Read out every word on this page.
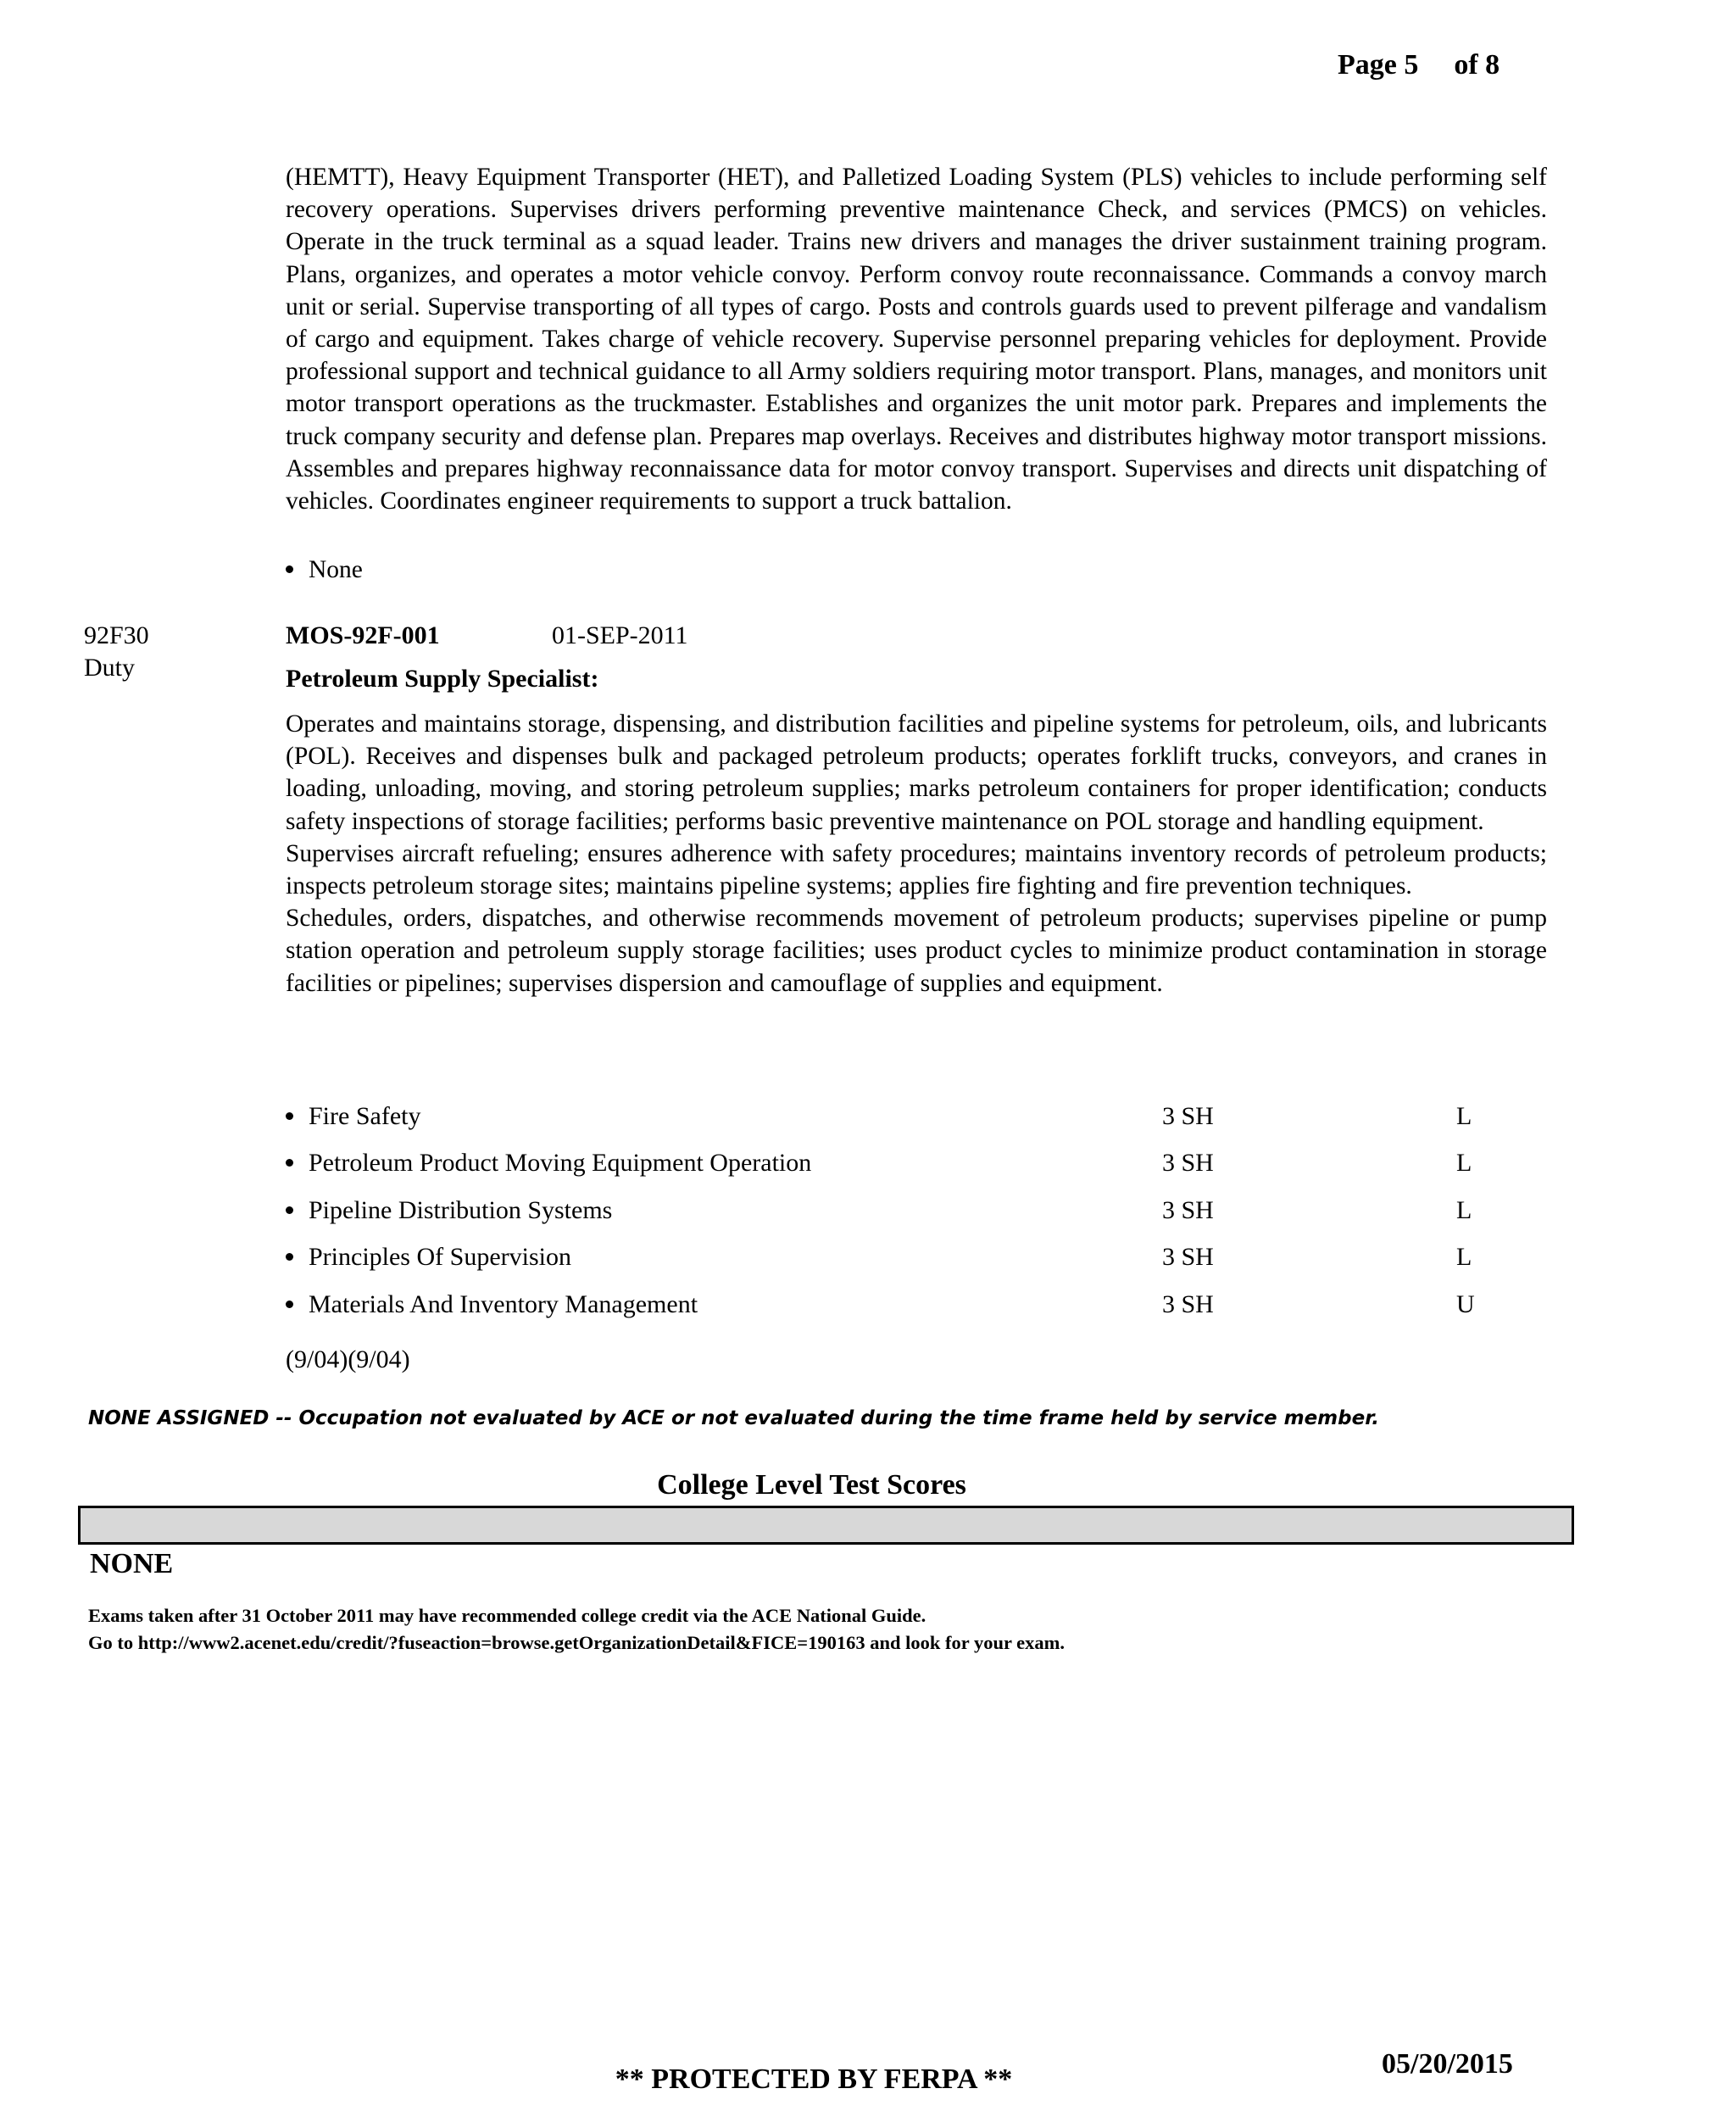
Page 5 of 8

(HEMTT), Heavy Equipment Transporter (HET), and Palletized Loading System (PLS) vehicles to include performing self recovery operations. Supervises drivers performing preventive maintenance Check, and services (PMCS) on vehicles. Operate in the truck terminal as a squad leader. Trains new drivers and manages the driver sustainment training program. Plans, organizes, and operates a motor vehicle convoy. Perform convoy route reconnaissance. Commands a convoy march unit or serial. Supervise transporting of all types of cargo. Posts and controls guards used to prevent pilferage and vandalism of cargo and equipment. Takes charge of vehicle recovery. Supervise personnel preparing vehicles for deployment. Provide professional support and technical guidance to all Army soldiers requiring motor transport. Plans, manages, and monitors unit motor transport operations as the truckmaster. Establishes and organizes the unit motor park. Prepares and implements the truck company security and defense plan. Prepares map overlays. Receives and distributes highway motor transport missions. Assembles and prepares highway reconnaissance data for motor convoy transport. Supervises and directs unit dispatching of vehicles. Coordinates engineer requirements to support a truck battalion.

None
92F30
Duty
MOS-92F-001	01-SEP-2011
Petroleum Supply Specialist:

Operates and maintains storage, dispensing, and distribution facilities and pipeline systems for petroleum, oils, and lubricants (POL). Receives and dispenses bulk and packaged petroleum products; operates forklift trucks, conveyors, and cranes in loading, unloading, moving, and storing petroleum supplies; marks petroleum containers for proper identification; conducts safety inspections of storage facilities; performs basic preventive maintenance on POL storage and handling equipment.

Supervises aircraft refueling; ensures adherence with safety procedures; maintains inventory records of petroleum products; inspects petroleum storage sites; maintains pipeline systems; applies fire fighting and fire prevention techniques.

Schedules, orders, dispatches, and otherwise recommends movement of petroleum products; supervises pipeline or pump station operation and petroleum supply storage facilities; uses product cycles to minimize product contamination in storage facilities or pipelines; supervises dispersion and camouflage of supplies and equipment.

Fire Safety	3 SH	L
Petroleum Product Moving Equipment Operation	3 SH	L
Pipeline Distribution Systems	3 SH	L
Principles Of Supervision	3 SH	L
Materials And Inventory Management	3 SH	U
(9/04)(9/04)
NONE ASSIGNED -- Occupation not evaluated by ACE or not evaluated during the time frame held by service member.
College Level Test Scores
NONE
Exams taken after 31 October 2011 may have recommended college credit via the ACE National Guide.
Go to http://www2.acenet.edu/credit/?fuseaction=browse.getOrganizationDetail&FICE=190163 and look for your exam.
** PROTECTED BY FERPA **	05/20/2015
